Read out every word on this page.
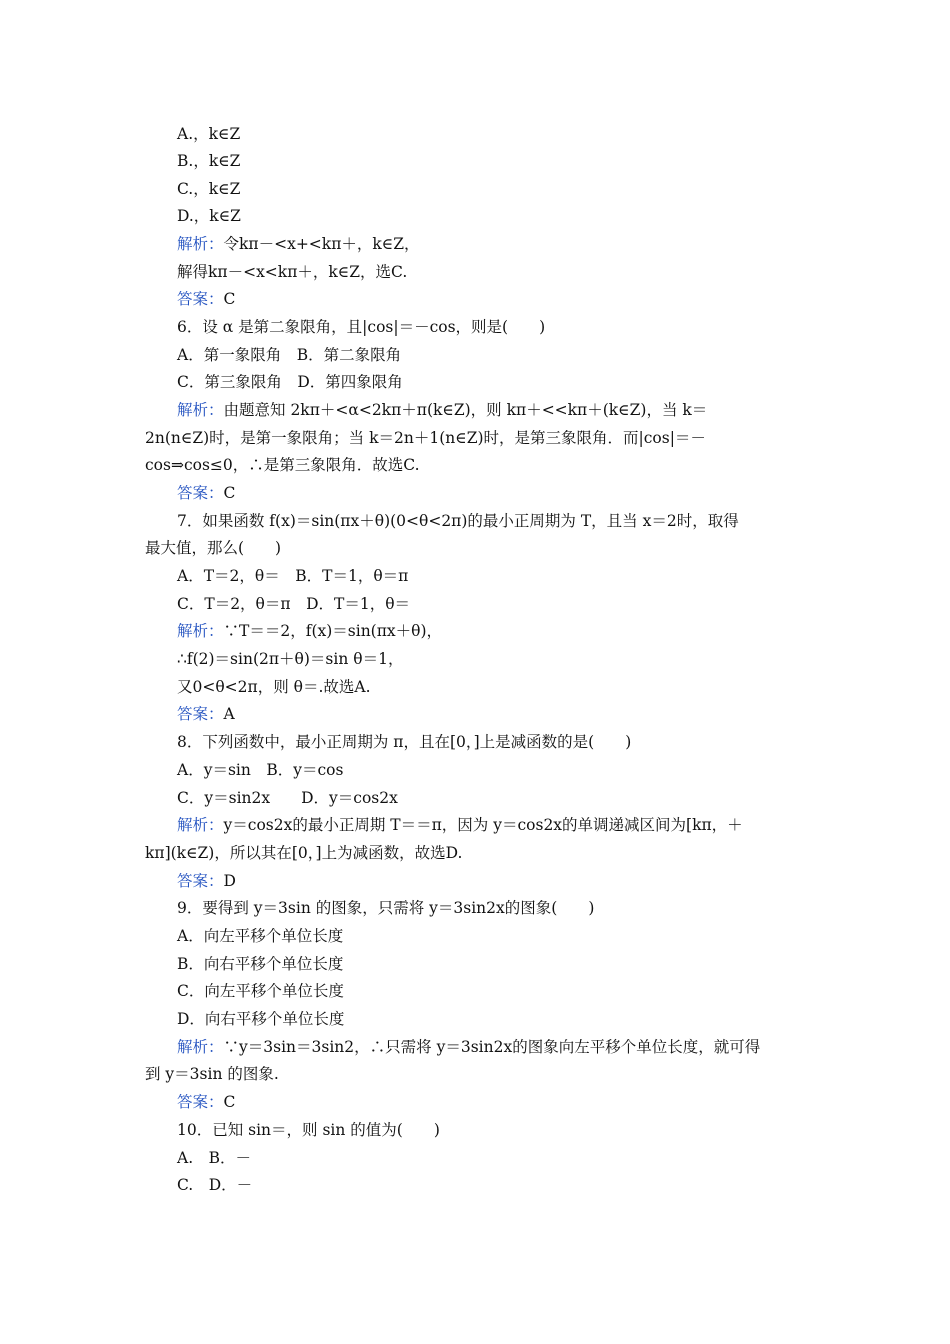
A.，k∈Z
B.，k∈Z
C.，k∈Z
D.，k∈Z
解析：令kπ－<x+<kπ＋，k∈Z，
解得kπ－<x<kπ＋，k∈Z，选C.
答案：C
6．设 α 是第二象限角，且|cos|＝－cos，则是(　　)
A．第一象限角　B．第二象限角
C．第三象限角　D．第四象限角
解析：由题意知 2kπ＋<α<2kπ＋π(k∈Z)，则 kπ＋<<kπ＋(k∈Z)，当 k＝
2n(n∈Z)时，是第一象限角；当 k＝2n＋1(n∈Z)时，是第三象限角．而|cos|＝－
cos⇒cos≤0，∴是第三象限角．故选C.
答案：C
7．如果函数 f(x)＝sin(πx＋θ)(0<θ<2π)的最小正周期为 T，且当 x＝2时，取得
最大值，那么(　　)
A．T＝2，θ＝　B．T＝1，θ＝π
C．T＝2，θ＝π　D．T＝1，θ＝
解析：∵T＝＝2，f(x)＝sin(πx＋θ)，
∴f(2)＝sin(2π＋θ)＝sin θ＝1，
又0<θ<2π，则 θ＝.故选A.
答案：A
8．下列函数中，最小正周期为 π，且在[0，]上是减函数的是(　　)
A．y＝sin　B．y＝cos
C．y＝sin2x　　D．y＝cos2x
解析：y＝cos2x的最小正周期 T＝＝π，因为 y＝cos2x的单调递减区间为[kπ，＋
kπ](k∈Z)，所以其在[0，]上为减函数，故选D.
答案：D
9．要得到 y＝3sin 的图象，只需将 y＝3sin2x的图象(　　)
A．向左平移个单位长度
B．向右平移个单位长度
C．向左平移个单位长度
D．向右平移个单位长度
解析：∵y＝3sin＝3sin2，∴只需将 y＝3sin2x的图象向左平移个单位长度，就可得
到 y＝3sin 的图象.
答案：C
10．已知 sin＝，则 sin 的值为(　　)
A.　B．－
C.　D．－
